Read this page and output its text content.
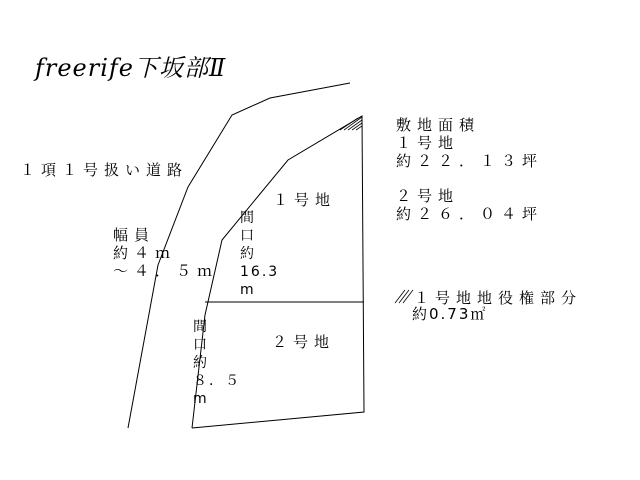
freerife下坂部Ⅱ
１項１号扱い道路
幅員
約４ｍ
～４．５ｍ
１号地
間
口
約
16.3
m
２号地
間
口
約
８．５
m
敷地面積
１号地
約２２．１３坪
２号地
約２６．０４坪
１号地地役権部分

約0.73㎡
